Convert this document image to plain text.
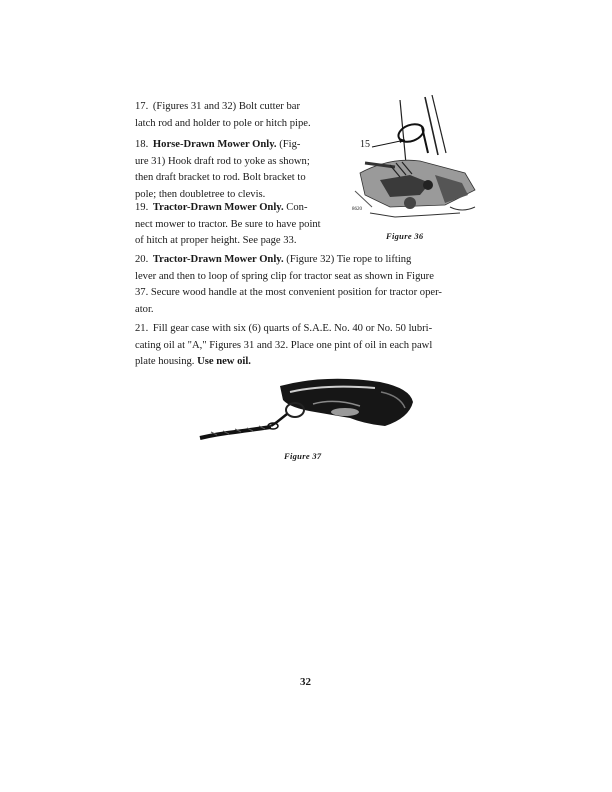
17. (Figures 31 and 32) Bolt cutter bar
latch rod and holder to pole or hitch pipe.
18. Horse-Drawn Mower Only. (Fig-
ure 31) Hook draft rod to yoke as shown;
then draft bracket to rod. Bolt bracket to
pole; then doubletree to clevis.
19. Tractor-Drawn Mower Only. Con-
nect mower to tractor. Be sure to have point
of hitch at proper height. See page 33.
15
8620
Figure 36
20. Tractor-Drawn Mower Only. (Figure 32) Tie rope to lifting
lever and then to loop of spring clip for tractor seat as shown in Figure
37. Secure wood handle at the most convenient position for tractor oper-
ator.
21. Fill gear case with six (6) quarts of S.A.E. No. 40 or No. 50 lubri-
cating oil at "A," Figures 31 and 32. Place one pint of oil in each pawl
plate housing. Use new oil.
Figure 37
32
